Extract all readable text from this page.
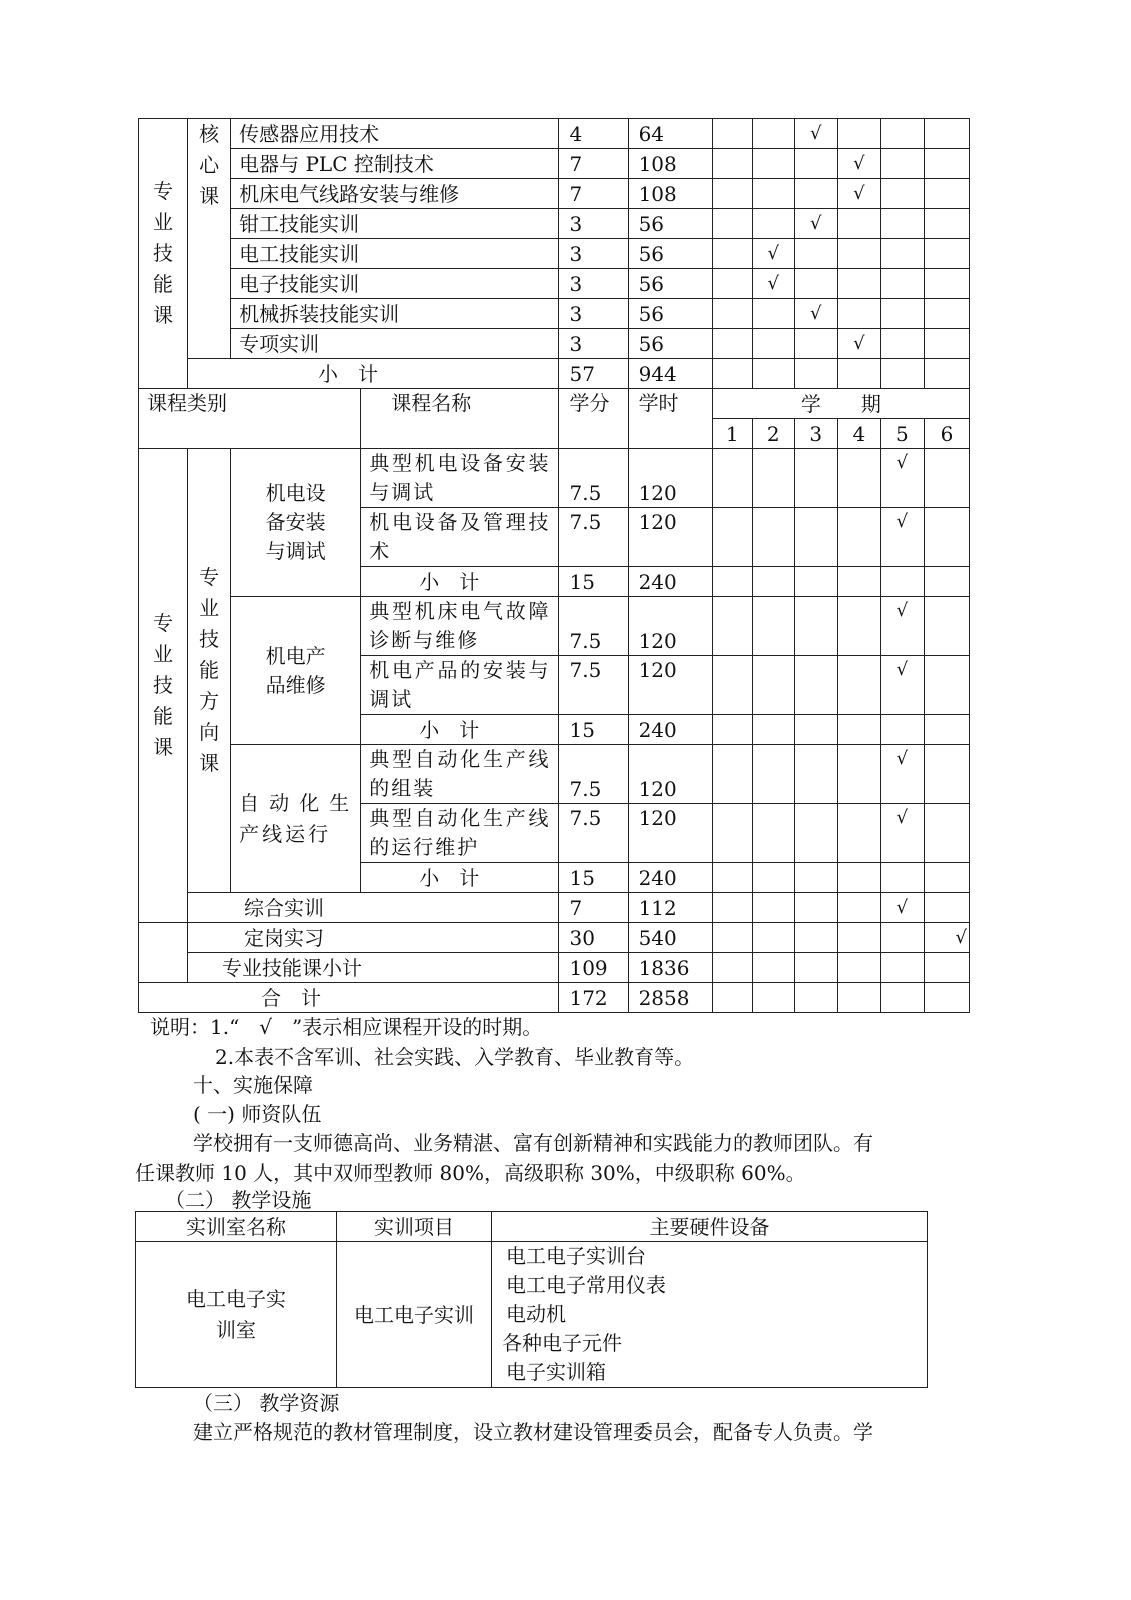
专业技能课	核心课	传感器应用技术		4	64			√			
		电器与 PLC 控制技术		7	108				√		
		机床电气线路安装与维修		7	108				√		
		钳工技能实训		3	56			√			
		电工技能实训		3	56		√				
		电子技能实训		3	56		√				
		机械拆装技能实训		3	56			√			
		专项实训		3	56				√		
	小　计			57	944						
课程类别			课程名称	学分	学时	学　　期					
						1	2	3	4	5	6
专业技能课	专业技能方向课	机电设备安装与调试	典型机电设备安装与调试	7.5	120					√	
			机电设备及管理技术	7.5	120					√	
			小　计	15	240						
		机电产品维修	典型机床电气故障诊断与维修	7.5	120					√	
			机电产品的安装与调试	7.5	120					√	
			小　计	15	240						
		自动化生产线运行	典型自动化生产线的组装	7.5	120					√	
			典型自动化生产线的运行维护	7.5	120					√	
			小　计	15	240						
	综合实训			7	112					√	
	定岗实习			30	540						√
	专业技能课小计			109	1836						
合　计				172	2858						
说明：1.“　√　”表示相应课程开设的时期。
2.本表不含军训、社会实践、入学教育、毕业教育等。
十、实施保障
( 一) 师资队伍
学校拥有一支师德高尚、业务精湛、富有创新精神和实践能力的教师团队。有
任课教师 10 人，其中双师型教师 80%，高级职称 30%，中级职称 60%。
（二） 教学设施
实训室名称	实训项目	主要硬件设备
电工电子实训室	电工电子实训	电工电子实训台
电工电子常用仪表
电动机
各种电子元件
电子实训箱
（三） 教学资源
建立严格规范的教材管理制度，设立教材建设管理委员会，配备专人负责。学
